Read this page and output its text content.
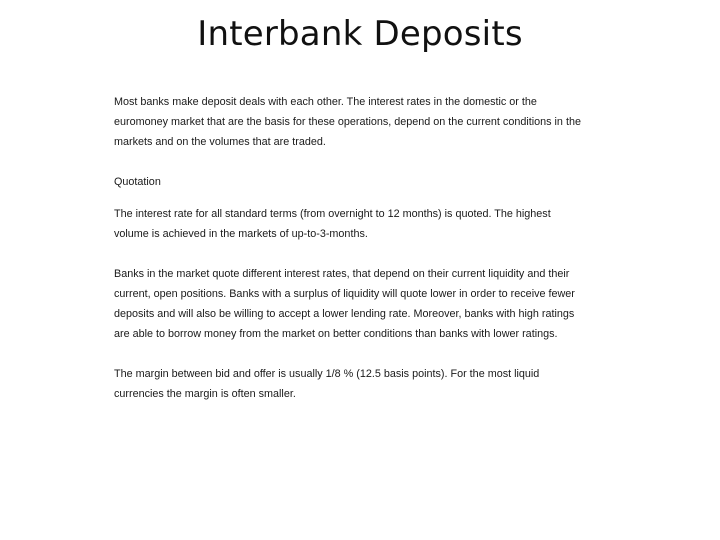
Interbank Deposits

Most banks make deposit deals with each other. The interest rates in the domestic or the euromoney market that are the basis for these operations, depend on the current conditions in the markets and on the volumes that are traded.

Quotation

The interest rate for all standard terms (from overnight to 12 months) is quoted. The highest volume is achieved in the markets of up-to-3-months.

Banks in the market quote different interest rates, that depend on their current liquidity and their current, open positions. Banks with a surplus of liquidity will quote lower in order to receive fewer deposits and will also be willing to accept a lower lending rate. Moreover, banks with high ratings are able to borrow money from the market on better conditions than banks with lower ratings.

The margin between bid and offer is usually 1/8 % (12.5 basis points). For the most liquid currencies the margin is often smaller.
